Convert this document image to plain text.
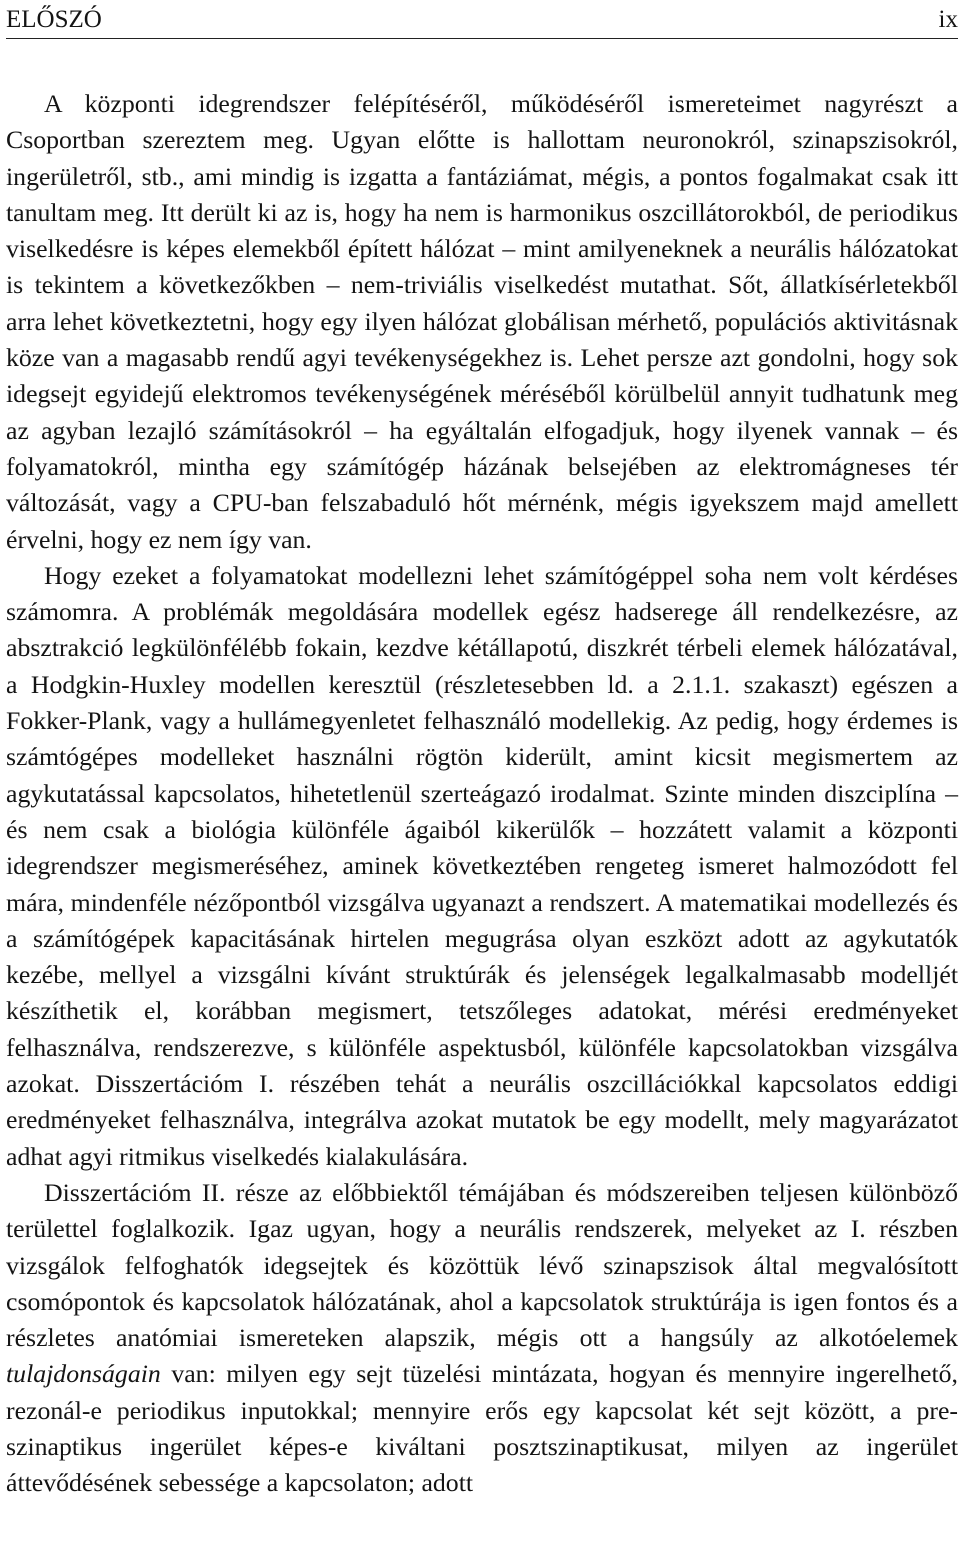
ELŐSZÓ	ix

A központi idegrendszer felépítéséről, működéséről ismereteimet nagyrészt a Csoportban szereztem meg. Ugyan előtte is hallottam neuronokról, szinapszisokról, ingerületről, stb., ami mindig is izgatta a fantáziámat, mégis, a pontos fogalmakat csak itt tanultam meg. Itt derült ki az is, hogy ha nem is harmonikus oszcillátorokból, de periodikus viselkedésre is képes elemekből épített hálózat – mint amilyeneknek a neurális hálózatokat is tekintem a következőkben – nem-triviális viselkedést mutathat. Sőt, állatkísérletekből arra lehet következtetni, hogy egy ilyen hálózat globálisan mérhető, populációs aktivitásnak köze van a magasabb rendű agyi tevékenységekhez is. Lehet persze azt gondolni, hogy sok idegsejt egyidejű elektromos tevékenységének méréséből körülbelül annyit tudhatunk meg az agyban lezajló számításokról – ha egyáltalán elfogadjuk, hogy ilyenek vannak – és folyamatokról, mintha egy számítógép házának belsejében az elektromágneses tér változását, vagy a CPU-ban felszabaduló hőt mérnénk, mégis igyekszem majd amellett érvelni, hogy ez nem így van.

Hogy ezeket a folyamatokat modellezni lehet számítógéppel soha nem volt kérdéses számomra. A problémák megoldására modellek egész hadserege áll rendelkezésre, az absztrakció legkülönfélébb fokain, kezdve kétállapotú, diszkrét térbeli elemek hálózatával, a Hodgkin-Huxley modellen keresztül (részletesebben ld. a 2.1.1. szakaszt) egészen a Fokker-Plank, vagy a hullámegyenletet felhasználó modellekig. Az pedig, hogy érdemes is számtógépes modelleket használni rögtön kiderült, amint kicsit megismertem az agykutatással kapcsolatos, hihetetlenül szerteágazó irodalmat. Szinte minden diszciplína – és nem csak a biológia különféle ágaiból kikerülők – hozzátett valamit a központi idegrendszer megismeréséhez, aminek következtében rengeteg ismeret halmozódott fel mára, mindenféle nézőpontból vizsgálva ugyanazt a rendszert. A matematikai modellezés és a számítógépek kapacitásának hirtelen megugrása olyan eszközt adott az agykutatók kezébe, mellyel a vizsgálni kívánt struktúrák és jelenségek legalkalmasabb modelljét készíthetik el, korábban megismert, tetszőleges adatokat, mérési eredményeket felhasználva, rendszerezve, s különféle aspektusból, különféle kapcsolatokban vizsgálva azokat. Disszertációm I. részében tehát a neurális oszcillációkkal kapcsolatos eddigi eredményeket felhasználva, integrálva azokat mutatok be egy modellt, mely magyarázatot adhat agyi ritmikus viselkedés kialakulására.

Disszertációm II. része az előbbiektől témájában és módszereiben teljesen különböző területtel foglalkozik. Igaz ugyan, hogy a neurális rendszerek, melyeket az I. részben vizsgálok felfoghatók idegsejtek és közöttük lévő szinapszisok által megvalósított csomópontok és kapcsolatok hálózatának, ahol a kapcsolatok struktúrája is igen fontos és a részletes anatómiai ismereteken alapszik, mégis ott a hangsúly az alkotóelemek tulajdonságain van: milyen egy sejt tüzelési mintázata, hogyan és mennyire ingerelhető, rezonál-e periodikus inputokkal; mennyire erős egy kapcsolat két sejt között, a pre-szinaptikus ingerület képes-e kiváltani posztszinaptikusat, milyen az ingerület áttevődésének sebessége a kapcsolaton; adott
